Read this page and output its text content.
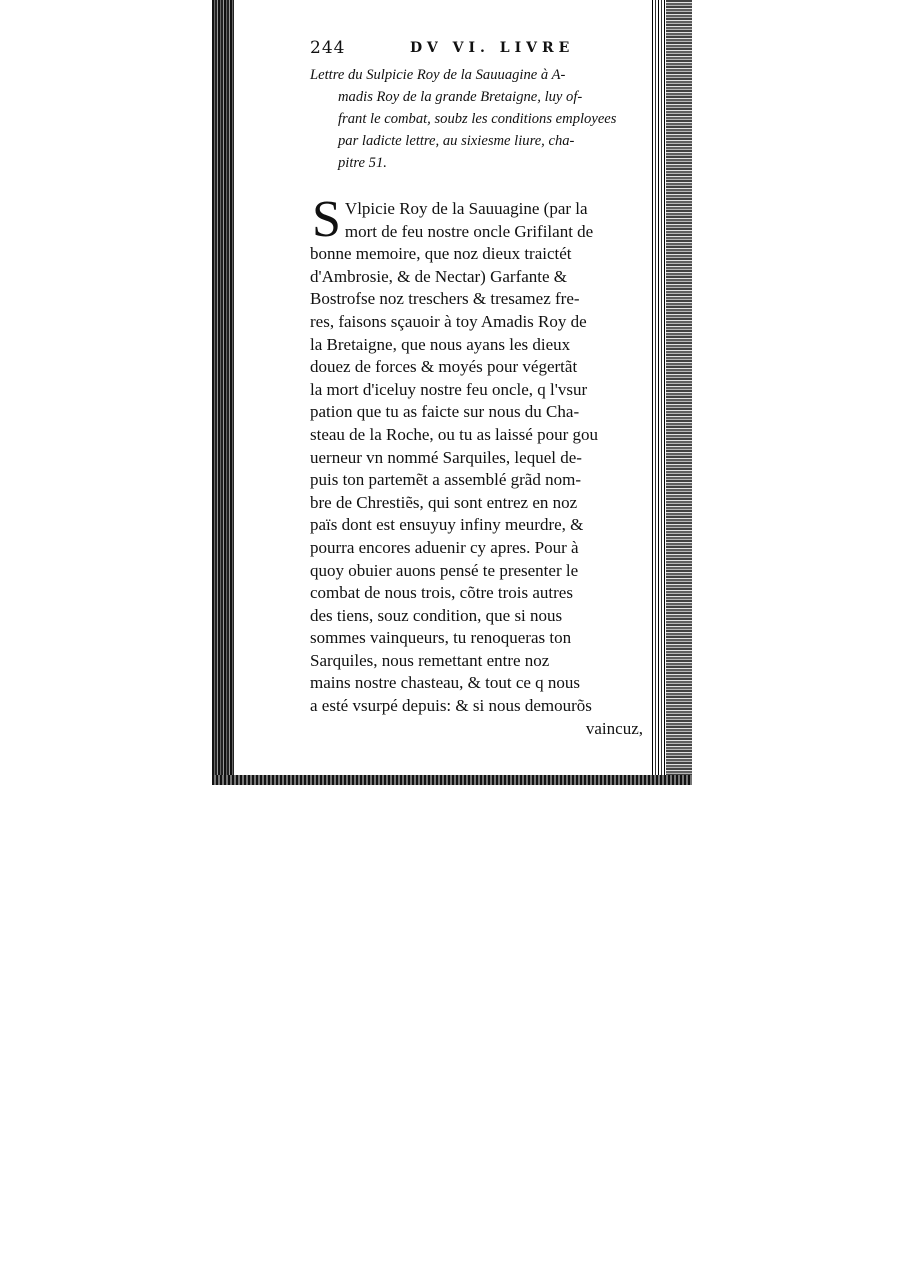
244	DV VI. LIVRE
Lettre du Sulpicie Roy de la Sauuagine à A-
madis Roy de la grande Bretaigne, luy of-
frant le combat, soubz les conditions employees
par ladicte lettre, au sixiesme liure, cha-
pitre 51.
S Vlpicie Roy de la Sauuagine (par la
mort de feu nostre oncle Grifilant de
bonne memoire, que noz dieux traictét
d'Ambrosie, & de Nectar) Garfante &
Bostrofse noz treschers & tresamez fre-
res, faisons sçauoir à toy Amadis Roy de
la Bretaigne, que nous ayans les dieux
douez de forces & moyés pour végertãt
la mort d'iceluy nostre feu oncle, q l'vsur
pation que tu as faicte sur nous du Cha-
steau de la Roche, ou tu as laissé pour gou
uerneur vn nommé Sarquiles, lequel de-
puis ton partemẽt a assemblé grãd nom-
bre de Chrestiẽs, qui sont entrez en noz
païs dont est ensuyuy infiny meurdre, &
pourra encores aduenir cy apres. Pour à
quoy obuier auons pensé te presenter le
combat de nous trois, cõtre trois autres
des tiens, souz condition, que si nous
sommes vainqueurs, tu renoqueras ton
Sarquiles, nous remettant entre noz
mains nostre chasteau, & tout ce q nous
a esté vsurpé depuis: & si nous demourõs
vaincuz,
